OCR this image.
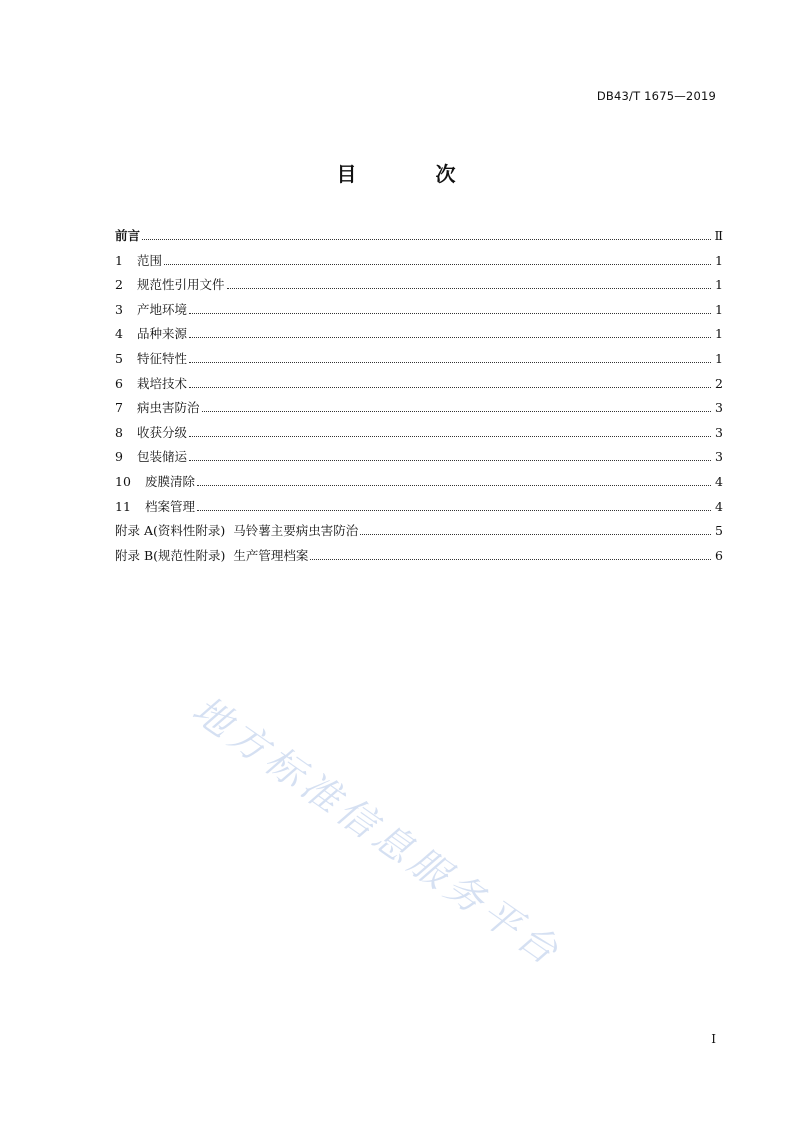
DB43/T 1675—2019
目 次
前言	Ⅱ
1	范围	1
2	规范性引用文件	1
3	产地环境	1
4	品种来源	1
5	特征特性	1
6	栽培技术	2
7	病虫害防治	3
8	收获分级	3
9	包装储运	3
10	废膜清除	4
11	档案管理	4
附录 A(资料性附录)  马铃薯主要病虫害防治	5
附录 B(规范性附录)  生产管理档案	6
I
地方标准信息服务平台
